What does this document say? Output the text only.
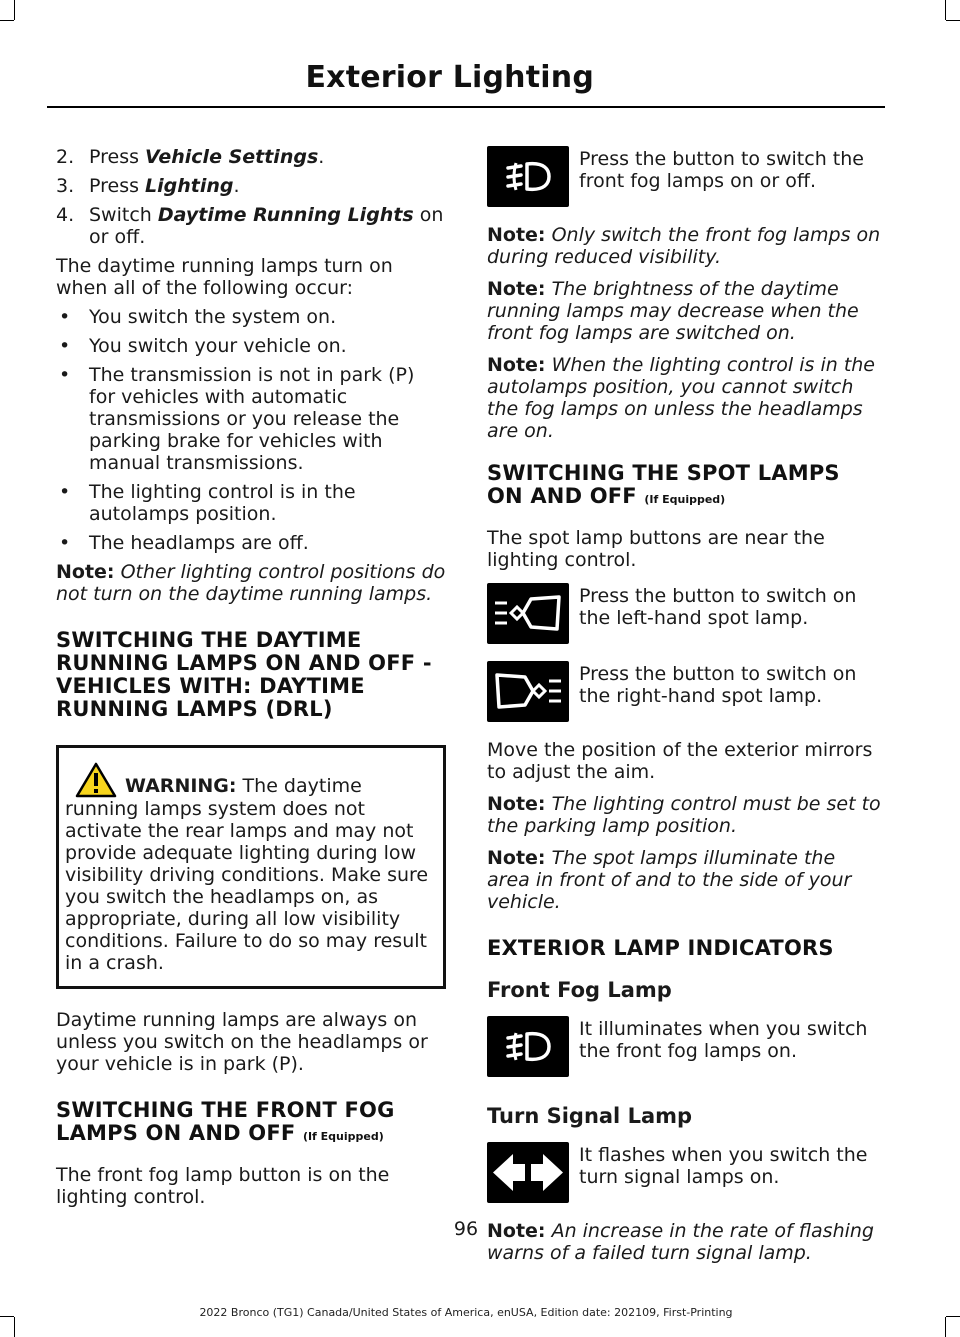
Exterior Lighting
2. Press Vehicle Settings.
3. Press Lighting.
4. Switch Daytime Running Lights on or off.

The daytime running lamps turn on when all of the following occur:

• You switch the system on.
• You switch your vehicle on.
• The transmission is not in park (P) for vehicles with automatic transmissions or you release the parking brake for vehicles with manual transmissions.
• The lighting control is in the autolamps position.
• The headlamps are off.

Note: Other lighting control positions do not turn on the daytime running lamps.

SWITCHING THE DAYTIME RUNNING LAMPS ON AND OFF - VEHICLES WITH: DAYTIME RUNNING LAMPS (DRL)

WARNING: The daytime running lamps system does not activate the rear lamps and may not provide adequate lighting during low visibility driving conditions. Make sure you switch the headlamps on, as appropriate, during all low visibility conditions. Failure to do so may result in a crash.

Daytime running lamps are always on unless you switch on the headlamps or your vehicle is in park (P).

SWITCHING THE FRONT FOG LAMPS ON AND OFF (If Equipped)

The front fog lamp button is on the lighting control.

Press the button to switch the front fog lamps on or off.

Note: Only switch the front fog lamps on during reduced visibility.

Note: The brightness of the daytime running lamps may decrease when the front fog lamps are switched on.

Note: When the lighting control is in the autolamps position, you cannot switch the fog lamps on unless the headlamps are on.

SWITCHING THE SPOT LAMPS ON AND OFF (If Equipped)

The spot lamp buttons are near the lighting control.

Press the button to switch on the left-hand spot lamp.

Press the button to switch on the right-hand spot lamp.

Move the position of the exterior mirrors to adjust the aim.

Note: The lighting control must be set to the parking lamp position.

Note: The spot lamps illuminate the area in front of and to the side of your vehicle.

EXTERIOR LAMP INDICATORS
Front Fog Lamp

It illuminates when you switch the front fog lamps on.

Turn Signal Lamp

It flashes when you switch the turn signal lamps on.

Note: An increase in the rate of flashing warns of a failed turn signal lamp.

96
2022 Bronco (TG1) Canada/United States of America, enUSA, Edition date: 202109, First-Printing
